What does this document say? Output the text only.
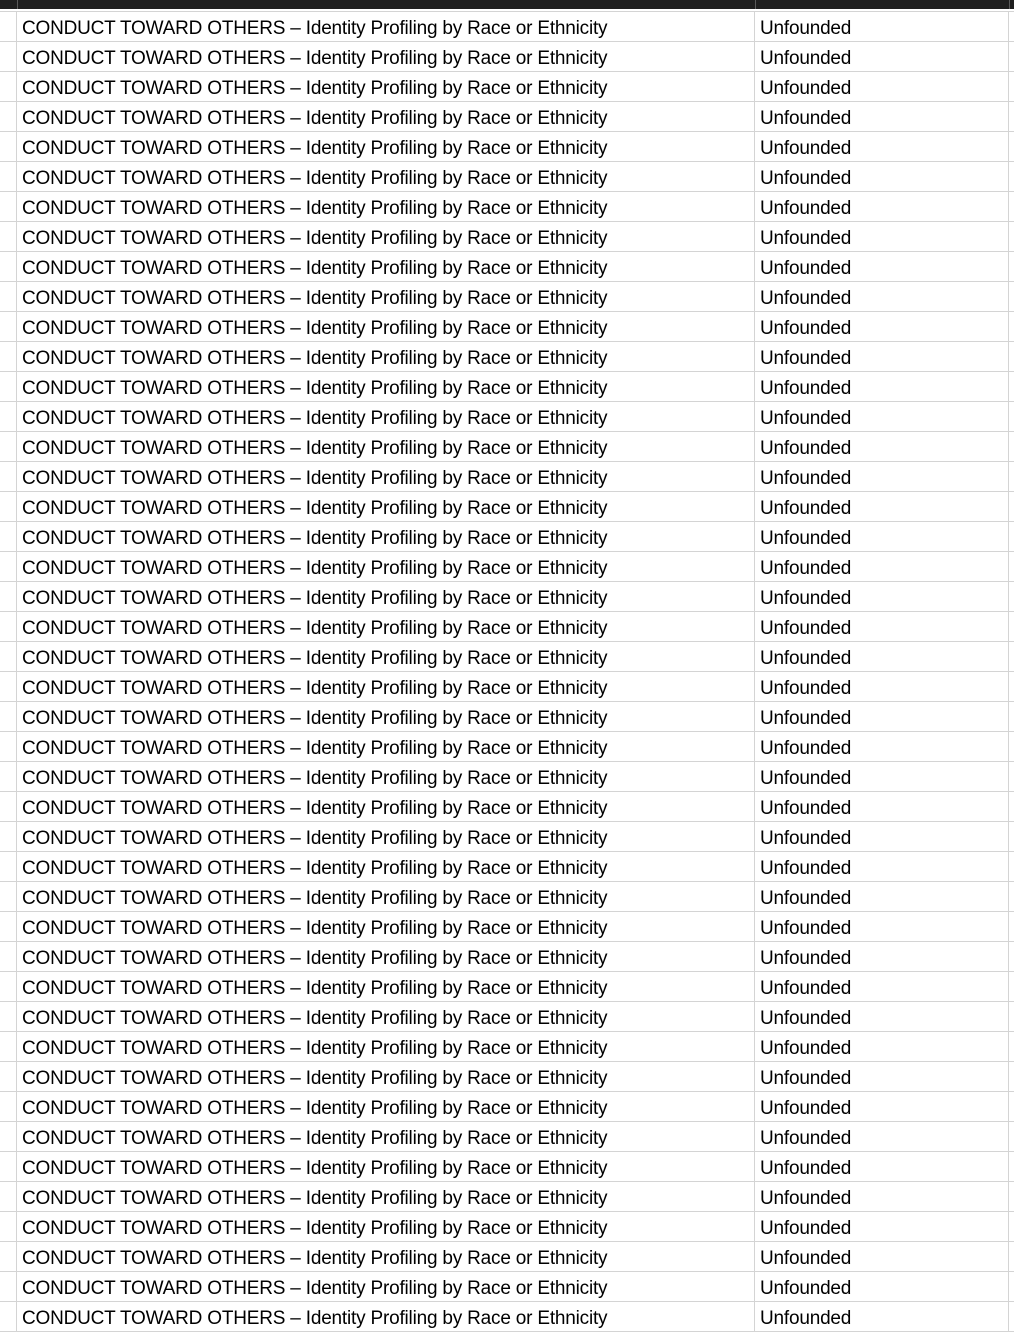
CONDUCT TOWARD OTHERS – Identity Profiling by Race or Ethnicity	Unfounded
CONDUCT TOWARD OTHERS – Identity Profiling by Race or Ethnicity	Unfounded
CONDUCT TOWARD OTHERS – Identity Profiling by Race or Ethnicity	Unfounded
CONDUCT TOWARD OTHERS – Identity Profiling by Race or Ethnicity	Unfounded
CONDUCT TOWARD OTHERS – Identity Profiling by Race or Ethnicity	Unfounded
CONDUCT TOWARD OTHERS – Identity Profiling by Race or Ethnicity	Unfounded
CONDUCT TOWARD OTHERS – Identity Profiling by Race or Ethnicity	Unfounded
CONDUCT TOWARD OTHERS – Identity Profiling by Race or Ethnicity	Unfounded
CONDUCT TOWARD OTHERS – Identity Profiling by Race or Ethnicity	Unfounded
CONDUCT TOWARD OTHERS – Identity Profiling by Race or Ethnicity	Unfounded
CONDUCT TOWARD OTHERS – Identity Profiling by Race or Ethnicity	Unfounded
CONDUCT TOWARD OTHERS – Identity Profiling by Race or Ethnicity	Unfounded
CONDUCT TOWARD OTHERS – Identity Profiling by Race or Ethnicity	Unfounded
CONDUCT TOWARD OTHERS – Identity Profiling by Race or Ethnicity	Unfounded
CONDUCT TOWARD OTHERS – Identity Profiling by Race or Ethnicity	Unfounded
CONDUCT TOWARD OTHERS – Identity Profiling by Race or Ethnicity	Unfounded
CONDUCT TOWARD OTHERS – Identity Profiling by Race or Ethnicity	Unfounded
CONDUCT TOWARD OTHERS – Identity Profiling by Race or Ethnicity	Unfounded
CONDUCT TOWARD OTHERS – Identity Profiling by Race or Ethnicity	Unfounded
CONDUCT TOWARD OTHERS – Identity Profiling by Race or Ethnicity	Unfounded
CONDUCT TOWARD OTHERS – Identity Profiling by Race or Ethnicity	Unfounded
CONDUCT TOWARD OTHERS – Identity Profiling by Race or Ethnicity	Unfounded
CONDUCT TOWARD OTHERS – Identity Profiling by Race or Ethnicity	Unfounded
CONDUCT TOWARD OTHERS – Identity Profiling by Race or Ethnicity	Unfounded
CONDUCT TOWARD OTHERS – Identity Profiling by Race or Ethnicity	Unfounded
CONDUCT TOWARD OTHERS – Identity Profiling by Race or Ethnicity	Unfounded
CONDUCT TOWARD OTHERS – Identity Profiling by Race or Ethnicity	Unfounded
CONDUCT TOWARD OTHERS – Identity Profiling by Race or Ethnicity	Unfounded
CONDUCT TOWARD OTHERS – Identity Profiling by Race or Ethnicity	Unfounded
CONDUCT TOWARD OTHERS – Identity Profiling by Race or Ethnicity	Unfounded
CONDUCT TOWARD OTHERS – Identity Profiling by Race or Ethnicity	Unfounded
CONDUCT TOWARD OTHERS – Identity Profiling by Race or Ethnicity	Unfounded
CONDUCT TOWARD OTHERS – Identity Profiling by Race or Ethnicity	Unfounded
CONDUCT TOWARD OTHERS – Identity Profiling by Race or Ethnicity	Unfounded
CONDUCT TOWARD OTHERS – Identity Profiling by Race or Ethnicity	Unfounded
CONDUCT TOWARD OTHERS – Identity Profiling by Race or Ethnicity	Unfounded
CONDUCT TOWARD OTHERS – Identity Profiling by Race or Ethnicity	Unfounded
CONDUCT TOWARD OTHERS – Identity Profiling by Race or Ethnicity	Unfounded
CONDUCT TOWARD OTHERS – Identity Profiling by Race or Ethnicity	Unfounded
CONDUCT TOWARD OTHERS – Identity Profiling by Race or Ethnicity	Unfounded
CONDUCT TOWARD OTHERS – Identity Profiling by Race or Ethnicity	Unfounded
CONDUCT TOWARD OTHERS – Identity Profiling by Race or Ethnicity	Unfounded
CONDUCT TOWARD OTHERS – Identity Profiling by Race or Ethnicity	Unfounded
CONDUCT TOWARD OTHERS – Identity Profiling by Race or Ethnicity	Unfounded
